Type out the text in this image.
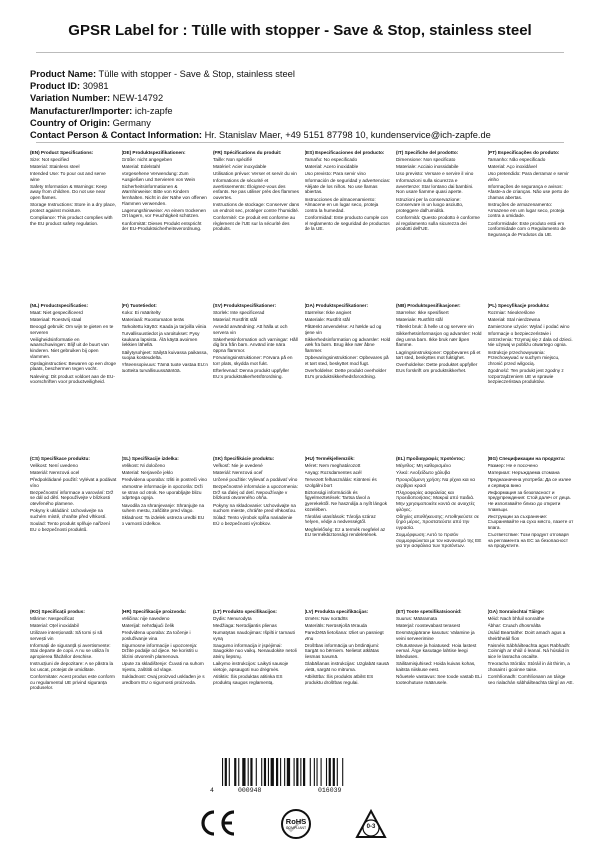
GPSR Label for : Tülle with stopper - Save & Stop, stainless steel
Product Name: Tülle with stopper - Save & Stop, stainless steel
Product ID: 30981
Variation Number: NEW-14792
Manufacturer/Importer: ich-zapfe
Country of Origin: Germany
Contact Person & Contact Information: Hr. Stanislav Maer, +49 5151 87798 10, kundenservice@ich-zapfe.de
(EN) Product Specifications:

Size: Not specified

Material: Stainless steel

Intended Use: To pour out and serve wine

Safety Information & Warnings: Keep away from children. Do not use near open flames.

Storage Instructions: Store in a dry place, protect against moisture.

Compliance: This product complies with the EU product safety regulation.

(DE) Produktspezifikationen:

Größe: nicht angegeben

Material: Edelstahl

Vorgesehene Verwendung: Zum Ausgießen und Servieren von Wein

Sicherheitsinformationen & Warnhinweise: Bitte von Kindern fernhalten. Nicht in der Nähe von offenen Flammen verwenden.

Lagerungshinweise: An einem trockenen Ort lagern, vor Feuchtigkeit schützen.

Konformität: Dieses Produkt entspricht der EU-Produktsicherheitsverordnung.

(FR) Spécifications du produit:

Taille: Non spécifié

Matériel: Acier inoxydable

Utilisation prévue: Verser et servir du vin

Informations de sécurité et avertissements: Éloignez-vous des enfants. Ne pas utiliser près des flammes ouvertes.

Instructions de stockage: Conserver dans un endroit sec, protéger contre l'humidité.

Conformité: Ce produit est conforme au règlement de l'UE sur la sécurité des produits.

(ES) Especificaciones del producto:

Tamaño: No especificado

Material: Acero inoxidable

Uso previsto: Para servir vino

Información de seguridad y advertencias: Aléjate de los niños. No use llamas abiertas.

Instrucciones de almacenamiento: Almacene en un lugar seco, proteja contra la humedad.

Conformidad: Este producto cumple con el reglamento de seguridad de productos de la UE.

(IT) Specifiche del prodotto:

Dimensione: Non specificato

Materiale: Acciaio inossidabile

Uso previsto: Versare e servire il vino

Informazioni sulla sicurezza e avvertenze: Star lontano dai bambini. Non usare fiamme quasi aperte.

Istruzioni per la conservazione: Conservare in un luogo asciutto, proteggere dall'umidità.

Conformità: Questo prodotto è conforme al regolamento sulla sicurezza dei prodotti dell'UE.

(PT) Especificações do produto:

Tamanho: Não especificado

Material: Aço inoxidável

Uso pretendido: Para derramar e servir vinho

Informações de segurança e avisos: Afaste-a de crianças. Não use perto de chamas abertas.

Instruções de armazenamento: Armazene em um lugar seco, proteja contra a umidade.

Conformidade: Este produto está em conformidade com o Regulamento de Segurança de Produtos da UE.

(NL) Productspecificaties:

Maat: Niet gespecificeerd

Materiaal: Roestvrij staal

Beoogd gebruik: Om wijn te gieten en te serveren

Veiligheidsinformatie en waarschuwingen: Blijf uit de buurt van kinderen. Niet gebruiken bij open vlammen.

Opslaginstructies: Bewaren op een droge plaats, beschermen tegen vocht.

Naleving: Dit product voldoet aan de EU-voorschriften voor productveiligheid.

(FI) Tuotetiedot:

Koko: Ei määritelty

Materiaali: Ruostumaton teräs

Tarkoitettu käyttö: Kaada ja tarjoilla viinia

Turvallisuustiedot ja varoitukset: Pysy kaukana lapsista. Älä käytä avoimen liekkien lähellä.

Säilytysohjeet: Säilytä kuivassa paikassa, suojaa kosteudelta.

Yhteensopivuus: Tämä tuote vastaa EU:n tuotteita turvallisuussääntöä.

(SV) Produktspecifikationer:

Storlek: Inte specificerad

Material: Rostfritt stål

Avsedd användning: Att hälla ut och servera vin

Säkerhetsinformation och varningar: Håll dig bra från barn. Använd inte nära öppna flammor.

Förvaringsinstruktioner: Förvara på en torr plats, skydda mot fukt.

Efterlevnad: Denna produkt uppfyller EU:s produktsäkerhetsförordning.

(DA) Produktspecifikationer:

Størrelse: Ikke angivet

Materiale: Rustfrit stål

Påtænkt anvendelse: At hælde ud og tjene vin

Sikkerhedsinformation og advarsler: Hold væk fra børn. Brug ikke nær åbne flammer.

Opbevaringsinstruktioner: Opbevares på et tørt sted, beskyttet mod fugt.

Overholdelse: Dette produkt overholder EU's produktsikkerhedsforordning.

(NB) Produktspesifikasjoner:

Størrelse: Ikke spesifisert

Materiale: Rustfritt stål

Tiltenkt bruk: å helle ut og servere vin

Sikkerhetsinformasjon og advarsler: Hold deg unna barn. Ikke bruk nær åpen flamme.

Lagringsinstruksjoner: Oppbevares på et tørt sted, beskyttes mot fuktighet.

Overholdelse: Dette produktet oppfyller EUs forskrift om produktsikkerhet.

(PL) Specyfikacje produktu:

Rozmiar: Nieokreślone

Materiał: Stal nierdzewna

Zamierzone użycie: Wylać i podać wino

Informacje o bezpieczeństwie i ostrzeżenia: Trzymaj się z dala od dzieci. Nie używaj w pobliżu otwartego ognia.

Instrukcje przechowywania: Przechowywać w suchym miejscu, chronić przed wilgocią.

Zgodność: Ten produkt jest zgodny z rozporządzeniem UE w sprawie bezpieczeństwa produktów.

(CS) Specifikace produktu:

Velikost: Není uvedeno

Materiál: Nerezová ocel

Předpokládané použití: Vylévat a podávat víno

Bezpečnostní informace a varování: Drž se dál od dětí. Nepoužívejte v blízkosti otevřeného plamene.

Pokyny k ukládání: Uchovávejte na suchém místě, chraňte před vlhkostí.

Soulad: Tento produkt splňuje nařízení EU o bezpečnosti produktů.

(SL) Specifikacije izdelka:

Velikost: Ni določeno

Material: Nerjaveče jeklo

Predvidena uporaba: Izliti in postreči vino

Varnostne informacije in opozorila: Drži se stran od otrok. Ne uporabljajte blizu odprtega ognja.

Navodila za shranjevanje: Shranjujte na suhem mestu, zaščitite pred vlago.

Skladnost: Ta izdelek ustreza uredbi EU o varnosti izdelkov.

(SK) Špecifikácie produktu:

Veľkosť: Nie je uvedené

Materiál: Nerezová oceľ

Určené použitie: Vylievať a podávať víno

Bezpečnostné informácie a upozornenia: Drž sa ďalej od detí. Nepoužívajte v blízkosti otvoreného ohňa.

Pokyny na skladovanie: Uchovávajte na suchom mieste, chráňte pred vlhkosťou.

Súlad: Tento výrobok spĺňa nariadenie EÚ o bezpečnosti výrobkov.

(HU) Termékjellemzők:

Méret: Nem meghatározott

Anyag: Rozsdamentes acél

Tervezett felhasználás: Kiönteni és szolgálni bort

Biztonsági információk és figyelmeztetések: Tartsa távol a gyerekektől. Ne használja a nyílt lángok közelében.

Tárolási utasítások: Tárolja száraz helyen, védje a nedvességtől.

Megfelelőség: Ez a termék megfelel az EU termékbiztonsági rendeletének.

(EL) Προδιαγραφές προϊόντος:

Μέγεθος: Μη καθορισμένο

Υλικό: Ανοξείδωτο χάλυβα

Προοριζόμενη χρήση: Να ρίχνει και να σερβίρει κρασί

Πληροφορίες ασφαλείας και προειδοποιήσεις: Μακριά από παιδιά. Μην χρησιμοποιείτε κοντά σε ανοιχτές φλόγες.

Οδηγίες αποθήκευσης: Αποθηκεύστε σε ξηρό μέρος, προστατεύστε από την υγρασία.

Συμμόρφωση: Αυτό το προϊόν συμμορφώνεται με τον κανονισμό της ΕΕ για την ασφάλεια των προϊόντων.

(BG) Спецификации на продукта:

Размер: Не е посочено

Материал: Неръждаема стомана

Предназначена употреба: Да се излее и сервира вино

Информация за безопасност и предупреждения: Стой далеч от деца. Не използвайте близо до открити пламъци.

Инструкции за съхранение: Съхранявайте на сухо място, пазете от влага.

Съответствие: Този продукт отговаря на регламента на ЕС за безопасност на продуктите.

(RO) Specificații produs:

Mărime: Nespecificat

Material: Oțel inoxidabil

Utilizare intenționată: Să torni și să servești vin

Informații de siguranță și avertismente: Stai departe de copii. A nu se utiliza în apropierea flăcărilor deschise.

Instrucțiuni de depozitare: A se păstra la loc uscat, protejat de umiditate.

Conformitate: Acest produs este conform cu regulamentul UE privind siguranța produselor.

(HR) Specifikacije proizvoda:

Veličina: nije navedeno

Materijal: nehrđajući čelik

Predviđena uporaba: Za točenje i posluživanje vina

Sigurnosne informacije i upozorenja: Držite podalje od djece. Ne koristiti u blizini otvorenih plamenova.

Upute za skladištenje: Čuvati na suhom mjestu, zaštititi od vlage.

Sukladnost: Ovaj proizvod usklađen je s uredbom EU o sigurnosti proizvoda.

(LT) Produkto specifikacijos:

Dydis: Nenurodyta

Medžiaga: Nerūdijantis plienas

Numatytas naudojimas: Išpilti ir tarnauti vyną

Saugumo informacija ir įspėjimai: Saugokite nuo vaikų. Nenaudokite netoli atvirų liepsnų.

Laikymo instrukcijos: Laikyti sausoje vietoje, apsaugoti nuo drėgmės.

Atitiktis: Šis produktas atitinka ES produktų saugos reglamentą.

(LV) Produkta specifikācijas:

Izmērs: Nav norādīts

Materiāls: Nerūsējošā tērauda

Paredzētā lietošana: Izliet un pasniegt vīnu

Drošības informācija un brīdinājumi: Sargāt no bērniem. Nelietot atklātas liesmas tuvumā.

Glabāšanas instrukcijas: Uzglabāt sausā vietā, sargāt no mitruma.

Atbilstība: Šis produkts atbilst ES produktu drošības regulai.

(ET) Toote spetsifikatsioonid:

Suurus: Määramata

Materjal: roostevabast terasest

Eesmärgipärane kasutus: Valamine ja veini serveerimine

Ohutusteave ja hoiatused: Hoia lastest eemal. Ärge kasutage lahtise leegi läheduses.

Säilitamisjuhised: Hoida kuivas kohas, kaitsta niiskuse eest.

Nõuetele vastavus: See toode vastab ELi tooteohutuse määrusele.

(GA) Sonraíochtaí Táirge:

Méid: Nach bhfuil sonraithe

Ábhar: Cruach dhosmálta

Úsáid Beartaithe: Doirt amach agus a sheirbheáil fíon

Faisnéis Sábháilteachta agus Rabhadh: Coinnigh ar shiúl ó leanaí. Ná húsáid in aice le lasracha oscailte.

Treoracha Stórála: Stóráil in áit thirim, a chosaint i gcoinne taise.

Comhlíonadh: Comhlíonann an táirge seo rialachán sábháilteachta táirgí an AE.

4	000948	016039
RoHS
COMPLIANT	0-3
